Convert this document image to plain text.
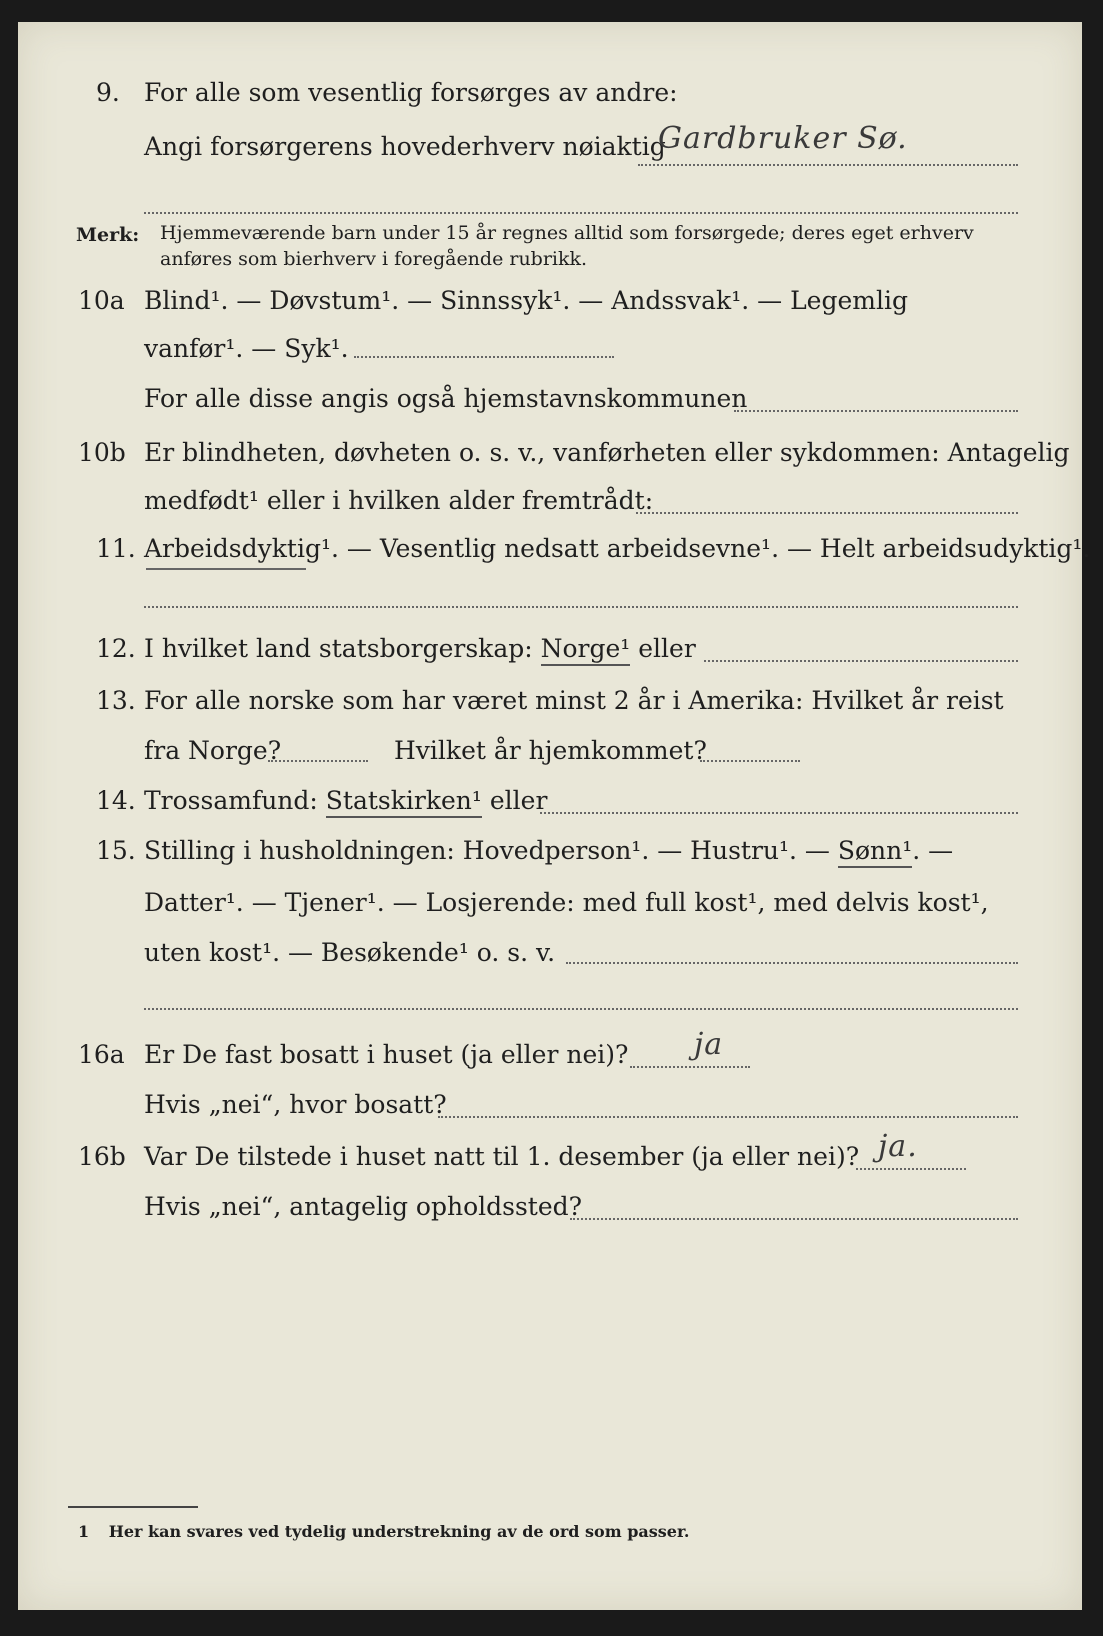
9. For alle som vesentlig forsørges av andre:
Angi forsørgerens hovederhverv nøiaktig
Gardbruker Sø.
Merk: Hjemmeværende barn under 15 år regnes alltid som forsørgede; deres eget erhverv
anføres som bierhverv i foregående rubrikk.
10a Blind¹. — Døvstum¹. — Sinnssyk¹. — Andssvak¹. — Legemlig
vanfør¹. — Syk¹.
For alle disse angis også hjemstavnskommunen
10b Er blindheten, døvheten o. s. v., vanførheten eller sykdommen: Antagelig
medfødt¹ eller i hvilken alder fremtrådt:
11. Arbeidsdyktig¹. — Vesentlig nedsatt arbeidsevne¹. — Helt arbeidsudyktig¹.
12. I hvilket land statsborgerskap: Norge¹ eller
13. For alle norske som har været minst 2 år i Amerika: Hvilket år reist
fra Norge?	Hvilket år hjemkommet?
14. Trossamfund: Statskirken¹ eller
15. Stilling i husholdningen: Hovedperson¹. — Hustru¹. — Sønn¹. —
Datter¹. — Tjener¹. — Losjerende: med full kost¹, med delvis kost¹,
uten kost¹. — Besøkende¹ o. s. v.
16a Er De fast bosatt i huset (ja eller nei)? ja
Hvis „nei“, hvor bosatt?
16b Var De tilstede i huset natt til 1. desember (ja eller nei)? ja.
Hvis „nei“, antagelig opholdssted?
1 Her kan svares ved tydelig understrekning av de ord som passer.
